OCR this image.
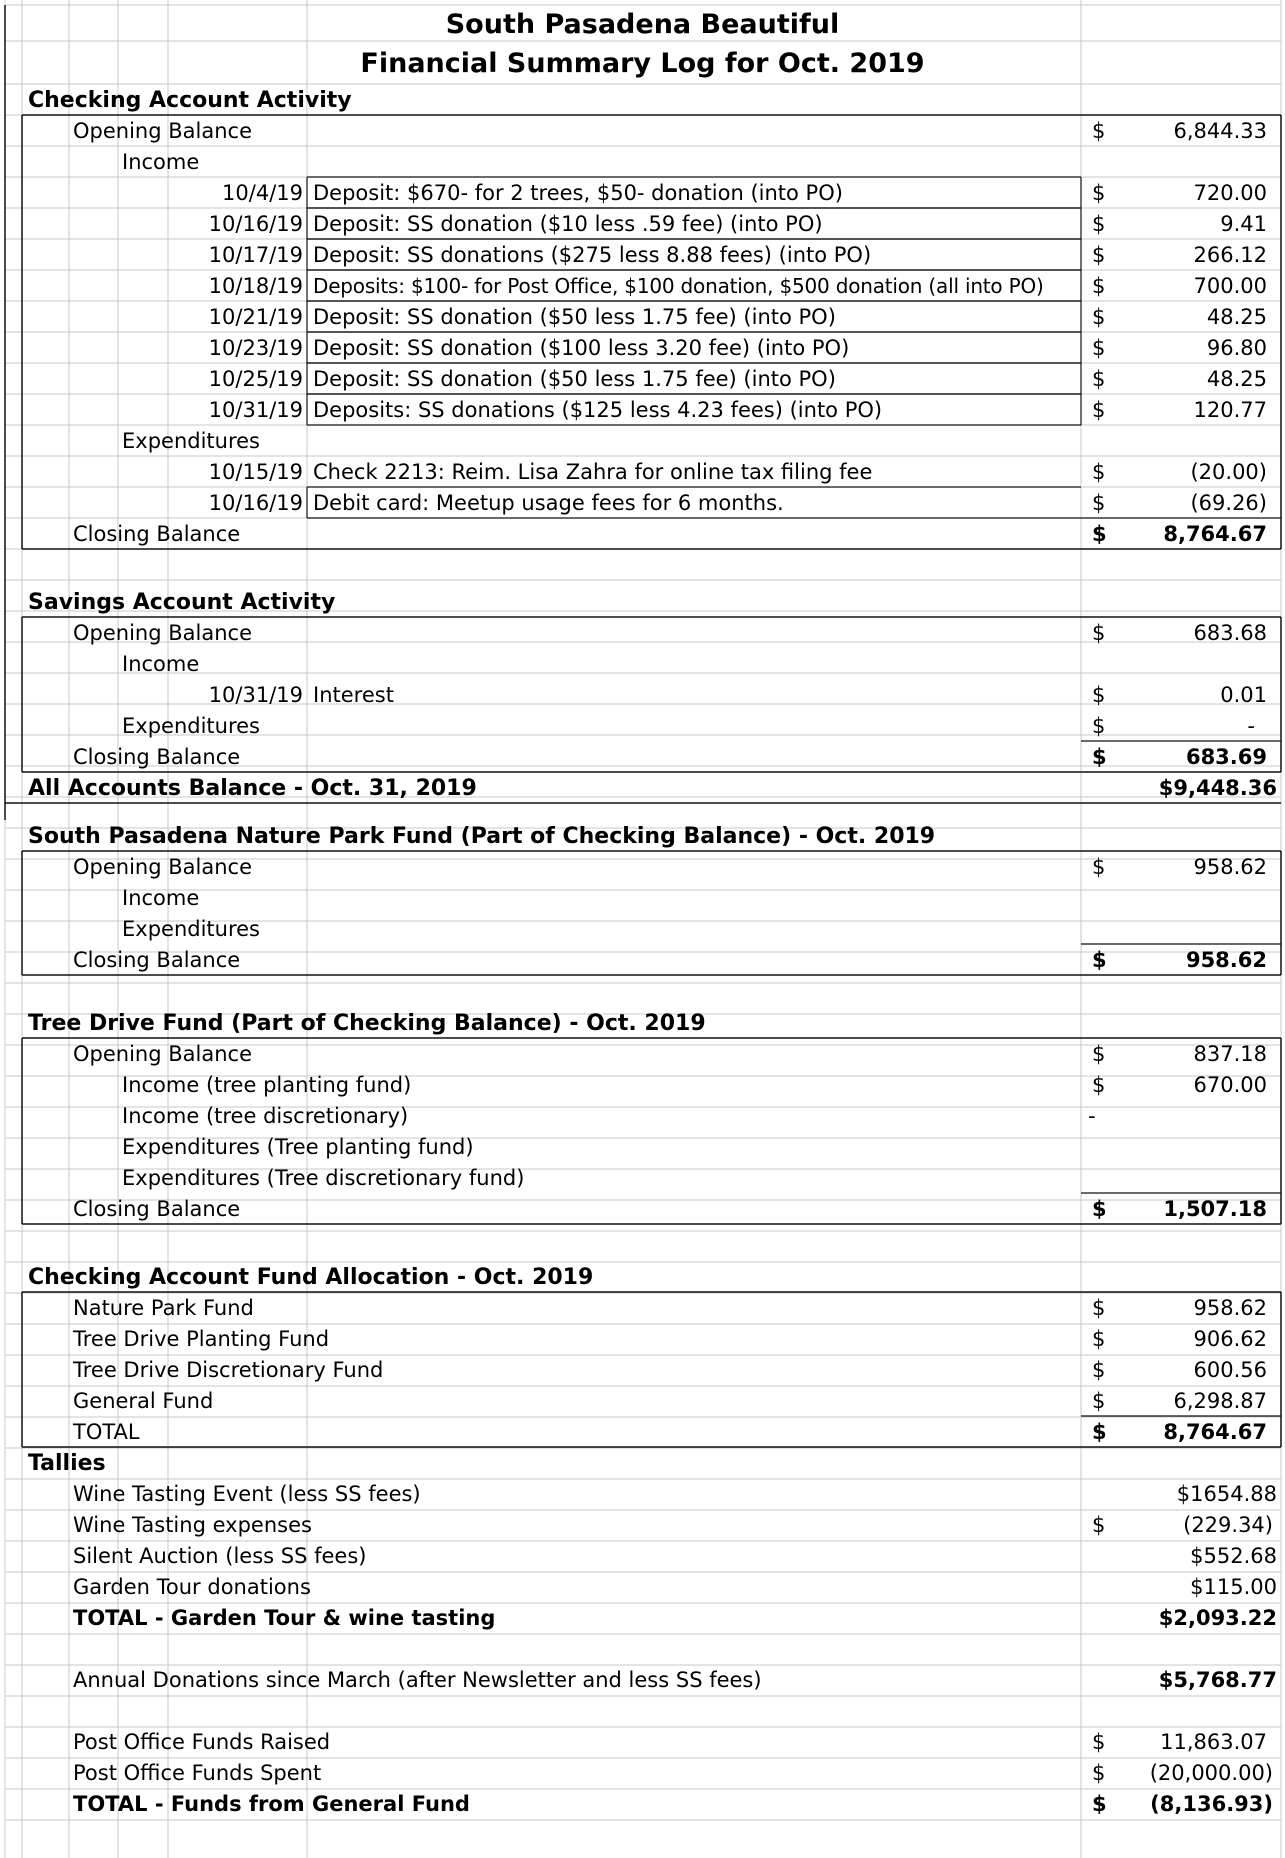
South Pasadena Beautiful
Financial Summary Log for Oct. 2019
Checking Account Activity
Opening Balance	$	6,844.33
Income
10/4/19 Deposit: $670- for 2 trees, $50- donation (into PO)	$	720.00
10/16/19 Deposit: SS donation ($10 less .59 fee) (into PO)	$	9.41
10/17/19 Deposit: SS donations ($275 less 8.88 fees) (into PO)	$	266.12
10/18/19 Deposits: $100- for Post Office, $100 donation, $500 donation (all into PO) $	700.00
10/21/19 Deposit: SS donation ($50 less 1.75 fee) (into PO)	$	48.25
10/23/19 Deposit: SS donation ($100 less 3.20 fee) (into PO)	$	96.80
10/25/19 Deposit: SS donation ($50 less 1.75 fee) (into PO)	$	48.25
10/31/19 Deposits: SS donations ($125 less 4.23 fees) (into PO)	$	120.77
Expenditures
10/15/19 Check 2213: Reim. Lisa Zahra for online tax filing fee	$	(20.00)
10/16/19 Debit card: Meetup usage fees for 6 months.	$	(69.26)
Closing Balance	$	8,764.67
Savings Account Activity
Opening Balance	$	683.68
Income
10/31/19 Interest	$	0.01
Expenditures	$	-
Closing Balance	$	683.69
All Accounts Balance - Oct. 31, 2019	$9,448.36
South Pasadena Nature Park Fund (Part of Checking Balance) - Oct. 2019
Opening Balance	$	958.62
Income
Expenditures
Closing Balance	$	958.62
Tree Drive Fund (Part of Checking Balance) - Oct. 2019
Opening Balance	$	837.18
Income (tree planting fund)	$	670.00
Income (tree discretionary)	-
Expenditures (Tree planting fund)
Expenditures (Tree discretionary fund)
Closing Balance	$	1,507.18
Checking Account Fund Allocation - Oct. 2019
Nature Park Fund	$	958.62
Tree Drive Planting Fund	$	906.62
Tree Drive Discretionary Fund	$	600.56
General Fund	$	6,298.87
TOTAL	$	8,764.67
Tallies
Wine Tasting Event (less SS fees)	$1654.88
Wine Tasting expenses	$	(229.34)
Silent Auction (less SS fees)	$552.68
Garden Tour donations	$115.00
TOTAL - Garden Tour & wine tasting	$2,093.22
Annual Donations since March (after Newsletter and less SS fees)	$5,768.77
Post Office Funds Raised	$	11,863.07
Post Office Funds Spent	$	(20,000.00)
TOTAL - Funds from General Fund	$	(8,136.93)
